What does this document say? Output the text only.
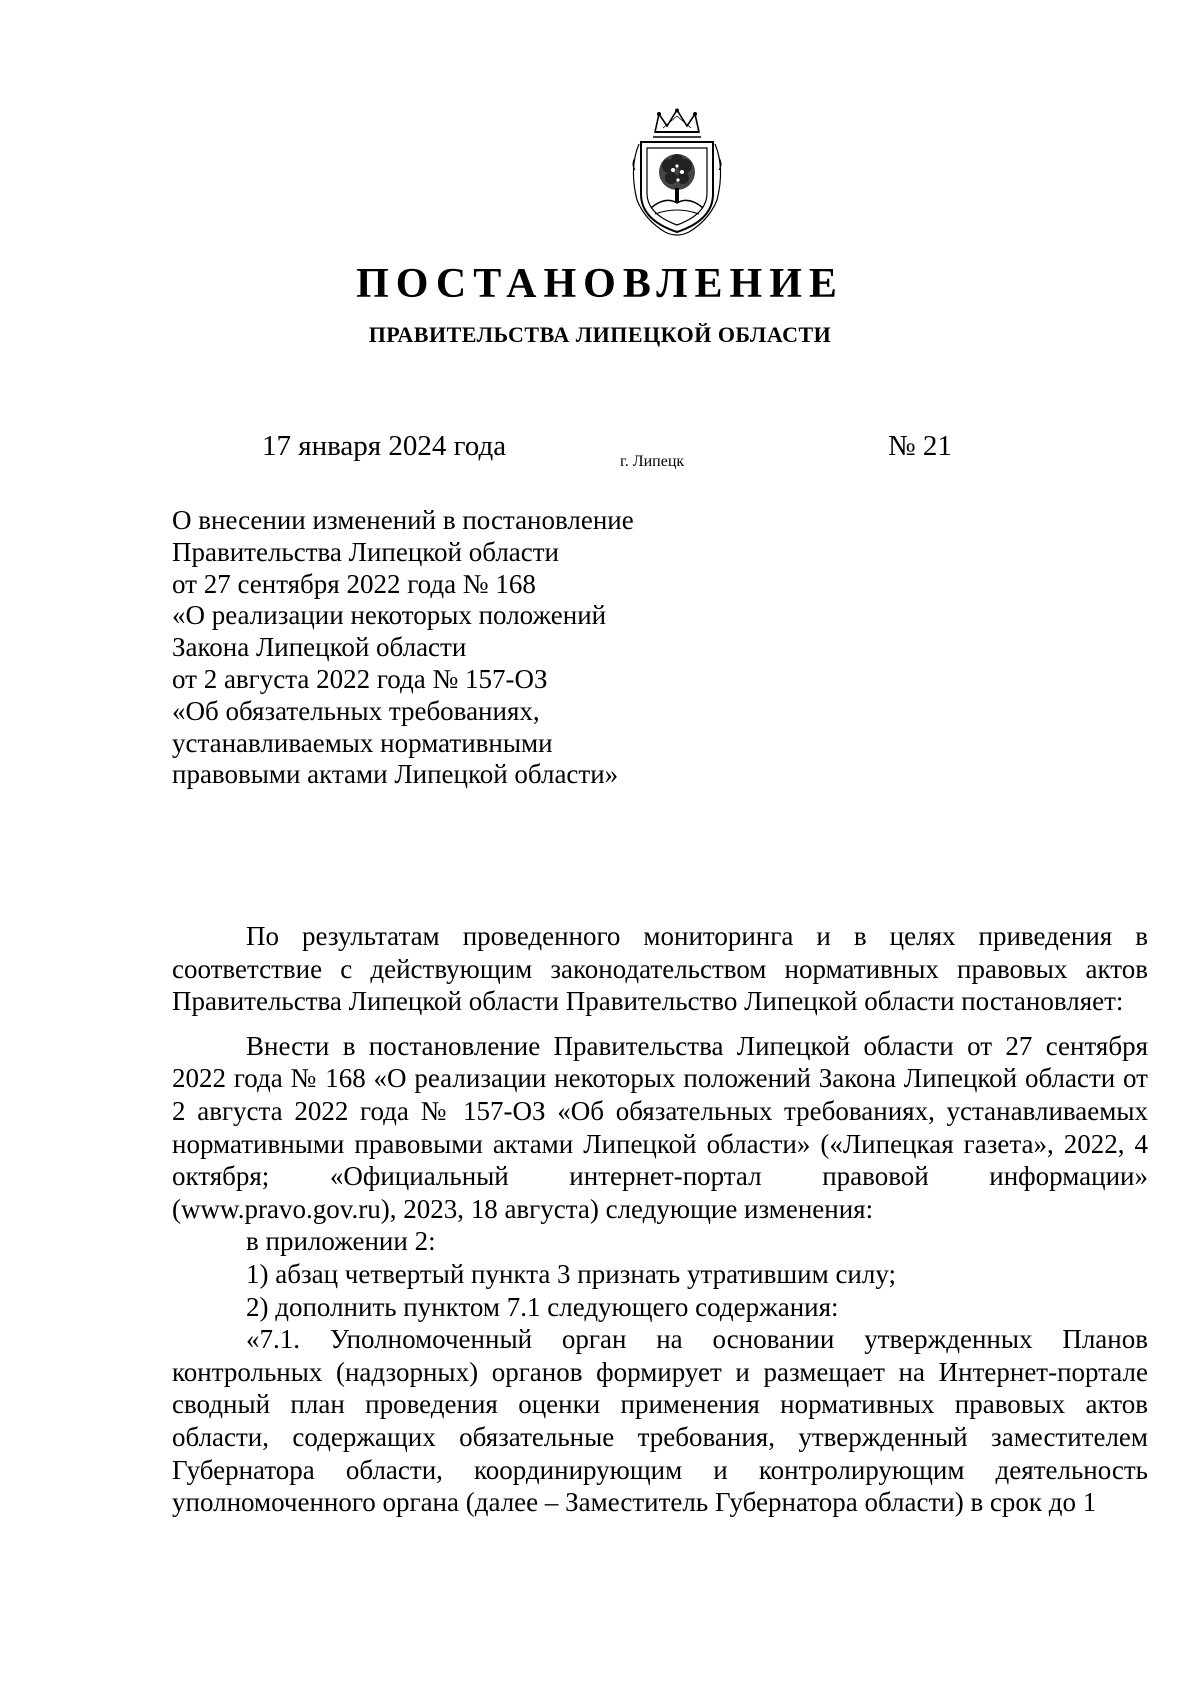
ПОСТАНОВЛЕНИЕ
ПРАВИТЕЛЬСТВА ЛИПЕЦКОЙ ОБЛАСТИ
17 января 2024 года	г. Липецк	№ 21
О внесении изменений в постановление
Правительства Липецкой области
от 27 сентября 2022 года № 168
«О реализации некоторых положений
Закона Липецкой области
от 2 августа 2022 года № 157-ОЗ
«Об обязательных требованиях,
устанавливаемых нормативными
правовыми актами Липецкой области»

По результатам проведенного мониторинга и в целях приведения в соответствие с действующим законодательством нормативных правовых актов Правительства Липецкой области Правительство Липецкой области постановляет:

Внести в постановление Правительства Липецкой области от 27 сентября 2022 года № 168 «О реализации некоторых положений Закона Липецкой области от 2 августа 2022 года № 157-ОЗ «Об обязательных требованиях, устанавливаемых нормативными правовыми актами Липецкой области» («Липецкая газета», 2022, 4 октября; «Официальный интернет-портал правовой информации» (www.pravo.gov.ru), 2023, 18 августа) следующие изменения:

в приложении 2:

1) абзац четвертый пункта 3 признать утратившим силу;

2) дополнить пунктом 7.1 следующего содержания:

«7.1. Уполномоченный орган на основании утвержденных Планов контрольных (надзорных) органов формирует и размещает на Интернет-портале сводный план проведения оценки применения нормативных правовых актов области, содержащих обязательные требования, утвержденный заместителем Губернатора области, координирующим и контролирующим деятельность уполномоченного органа (далее – Заместитель Губернатора области) в срок до 1
